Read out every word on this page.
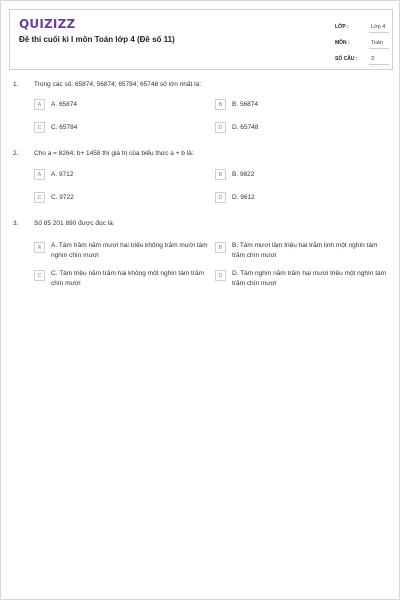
QUIZIZZ
Đề thi cuối kì I môn Toán lớp 4 (Đề số 11)
LỚP :	Lớp 4
MÔN :	Toán
SỐ CÂU :	3
1. Trong các số: 65874; 56874; 65784; 65748 số lớn nhất là:
A	A. 65874	B	B. 56874
C	C. 65784	D	D. 65748
2. Cho a = 8264; b+ 1458 thì giá trị của biểu thức a + b là:
A	A. 9712	B	B. 9822
C	C. 9722	D	D. 9612
3. Số 85 201 890 được đọc là:
A	A. Tám trăm năm mươi hai triệu không trăm mười tám nghìn chín mươi
B	B. Tám mươi lăm triệu hai trăm linh một nghìn tám trăm chín mươi
C	C. Tám triệu năm trăm hai không một nghìn tám trăm chín mươi
D	D. Tám nghìn năm trăm hai mươi triệu một nghìn tám trăm chín mươi
